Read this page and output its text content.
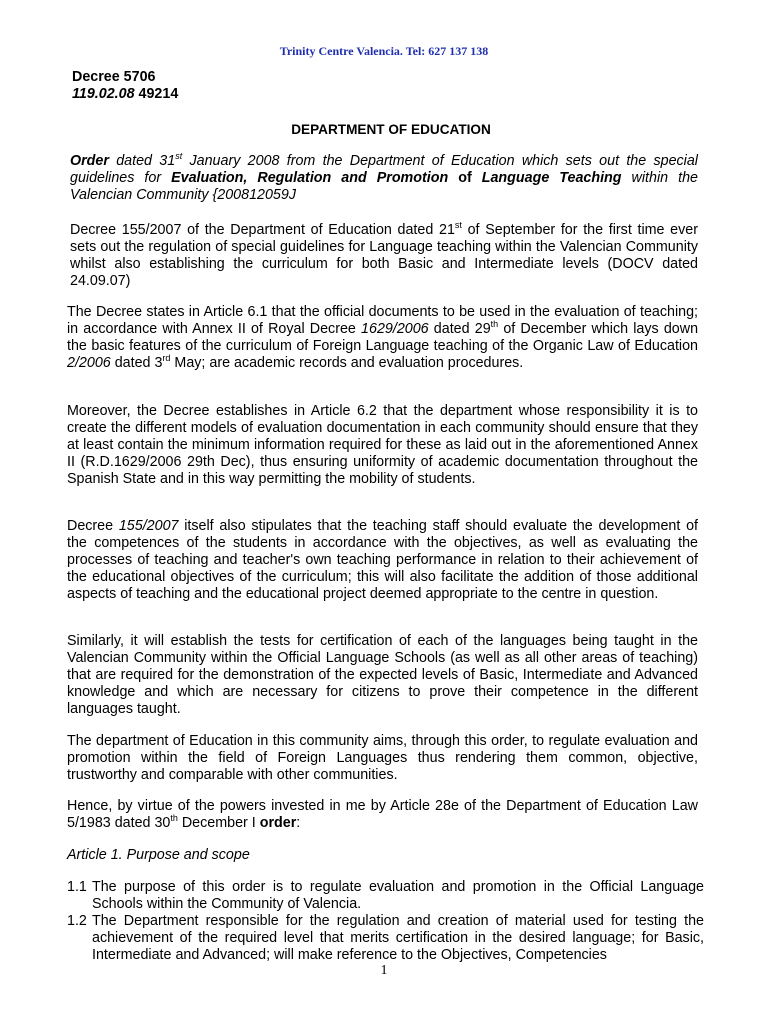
Trinity Centre Valencia. Tel: 627 137 138
Decree 5706
119.02.08 49214
DEPARTMENT OF EDUCATION
Order dated 31st January 2008 from the Department of Education which sets out the special guidelines for Evaluation, Regulation and Promotion of Language Teaching within the Valencian Community {200812059J
Decree 155/2007 of the Department of Education dated 21st of September for the first time ever sets out the regulation of special guidelines for Language teaching within the Valencian Community whilst also establishing the curriculum for both Basic and Intermediate levels (DOCV dated 24.09.07)
The Decree states in Article 6.1 that the official documents to be used in the evaluation of teaching; in accordance with Annex II of Royal Decree 1629/2006 dated 29th of December which lays down the basic features of the curriculum of Foreign Language teaching of the Organic Law of Education 2/2006 dated 3rd May; are academic records and evaluation procedures.
Moreover, the Decree establishes in Article 6.2 that the department whose responsibility it is to create the different models of evaluation documentation in each community should ensure that they at least contain the minimum information required for these as laid out in the aforementioned Annex II (R.D.1629/2006 29th Dec), thus ensuring uniformity of academic documentation throughout the Spanish State and in this way permitting the mobility of students.
Decree 155/2007 itself also stipulates that the teaching staff should evaluate the development of the competences of the students in accordance with the objectives, as well as evaluating the processes of teaching and teacher's own teaching performance in relation to their achievement of the educational objectives of the curriculum; this will also facilitate the addition of those additional aspects of teaching and the educational project deemed appropriate to the centre in question.
Similarly, it will establish the tests for certification of each of the languages being taught in the Valencian Community within the Official Language Schools (as well as all other areas of teaching) that are required for the demonstration of the expected levels of Basic, Intermediate and Advanced knowledge and which are necessary for citizens to prove their competence in the different languages taught.
The department of Education in this community aims, through this order, to regulate evaluation and promotion within the field of Foreign Languages thus rendering them common, objective, trustworthy and comparable with other communities.
Hence, by virtue of the powers invested in me by Article 28e of the Department of Education Law 5/1983 dated 30th December I order:
Article 1. Purpose and scope
1.1 The purpose of this order is to regulate evaluation and promotion in the Official Language Schools within the Community of Valencia.
1.2 The Department responsible for the regulation and creation of material used for testing the achievement of the required level that merits certification in the desired language; for Basic, Intermediate and Advanced; will make reference to the Objectives, Competencies
1
